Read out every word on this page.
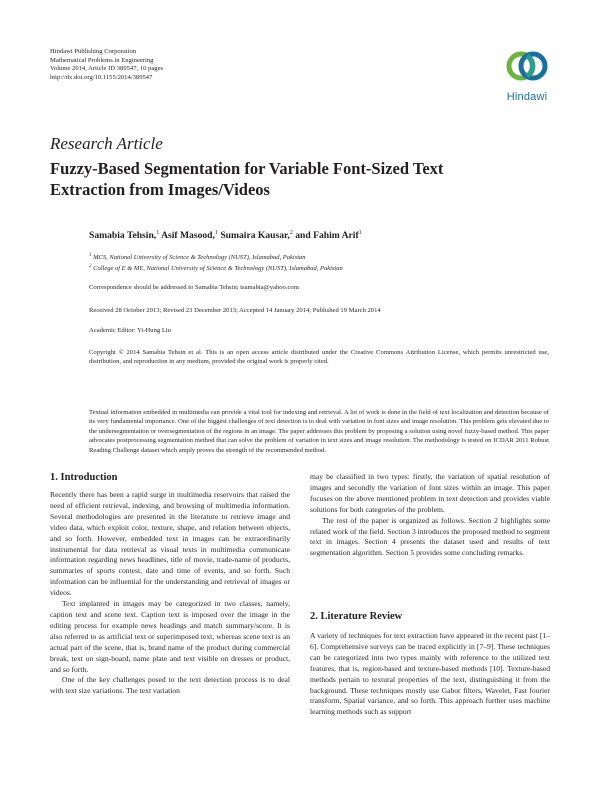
Hindawi Publishing Corporation
Mathematical Problems in Engineering
Volume 2014, Article ID 389547, 10 pages
http://dx.doi.org/10.1155/2014/389547
Hindawi
Research Article
Fuzzy-Based Segmentation for Variable Font-Sized Text
Extraction from Images/Videos
Samabia Tehsin,$^1$ Asif Masood,$^1$ Sumaira Kausar,$^2$ and Fahim Arif$^1$
$^1$ MCS, National University of Science & Technology (NUST), Islamabad, Pakistan
$^2$ College of E & ME, National University of Science & Technology (NUST), Islamabad, Pakistan
Correspondence should be addressed to Samabia Tehsin; tsamabia@yahoo.com
Received 28 October 2013; Revised 23 December 2013; Accepted 14 January 2014; Published 19 March 2014
Academic Editor: Yi-Hung Liu
Copyright © 2014 Samabia Tehsin et al. This is an open access article distributed under the Creative Commons Attribution License, which permits unrestricted use, distribution, and reproduction in any medium, provided the original work is properly cited.
Textual information embedded in multimedia can provide a vital tool for indexing and retrieval. A lot of work is done in the field of text localization and detection because of its very fundamental importance. One of the biggest challenges of text detection is to deal with variation in font sizes and image resolution. This problem gets elevated due to the undersegmentation or oversegmentation of the regions in an image. The paper addresses this problem by proposing a solution using novel fuzzy-based method. This paper advocates postprocessing segmentation method that can solve the problem of variation in text sizes and image resolution. The methodology is tested on ICDAR 2011 Robust Reading Challenge dataset which amply proves the strength of the recommended method.
1. Introduction

Recently there has been a rapid surge in multimedia reservoirs that raised the need of efficient retrieval, indexing, and browsing of multimedia information. Several methodologies are presented in the literature to retrieve image and video data, which exploit color, texture, shape, and relation between objects, and so forth. However, embedded text in images can be extraordinarily instrumental for data retrieval as visual texts in multimedia communicate information regarding news headlines, title of movie, trade-name of products, summaries of sports contest, date and time of events, and so forth. Such information can be influential for the understanding and retrieval of images or videos.

Text implanted in images may be categorized in two classes, namely, caption text and scene text. Caption text is imposed over the image in the editing process for example news headings and match summary/score. It is also referred to as artificial text or superimposed text, whereas scene text is an actual part of the scene, that is, brand name of the product during commercial break, text on sign-board, name plate and text visible on dresses or product, and so forth.

One of the key challenges posed to the text detection process is to deal with text size variations. The text variation

may be classified in two types: firstly, the variation of spatial resolution of images and secondly the variation of font sizes within an image. This paper focuses on the above mentioned problem in text detection and provides viable solutions for both categories of the problem.

The rest of the paper is organized as follows. Section 2 highlights some related work of the field. Section 3 introduces the proposed method to segment text in images. Section 4 presents the dataset used and results of text segmentation algorithm. Section 5 provides some concluding remarks.

2. Literature Review

A variety of techniques for text extraction have appeared in the recent past [1–6]. Comprehensive surveys can be traced explicitly in [7–9]. These techniques can be categorized into two types mainly with reference to the utilized text features, that is, region-based and texture-based methods [10]. Texture-based methods pertain to textural properties of the text, distinguishing it from the background. These techniques mostly use Gabor filters, Wavelet, Fast fourier transform, Spatial variance, and so forth. This approach further uses machine learning methods such as support
